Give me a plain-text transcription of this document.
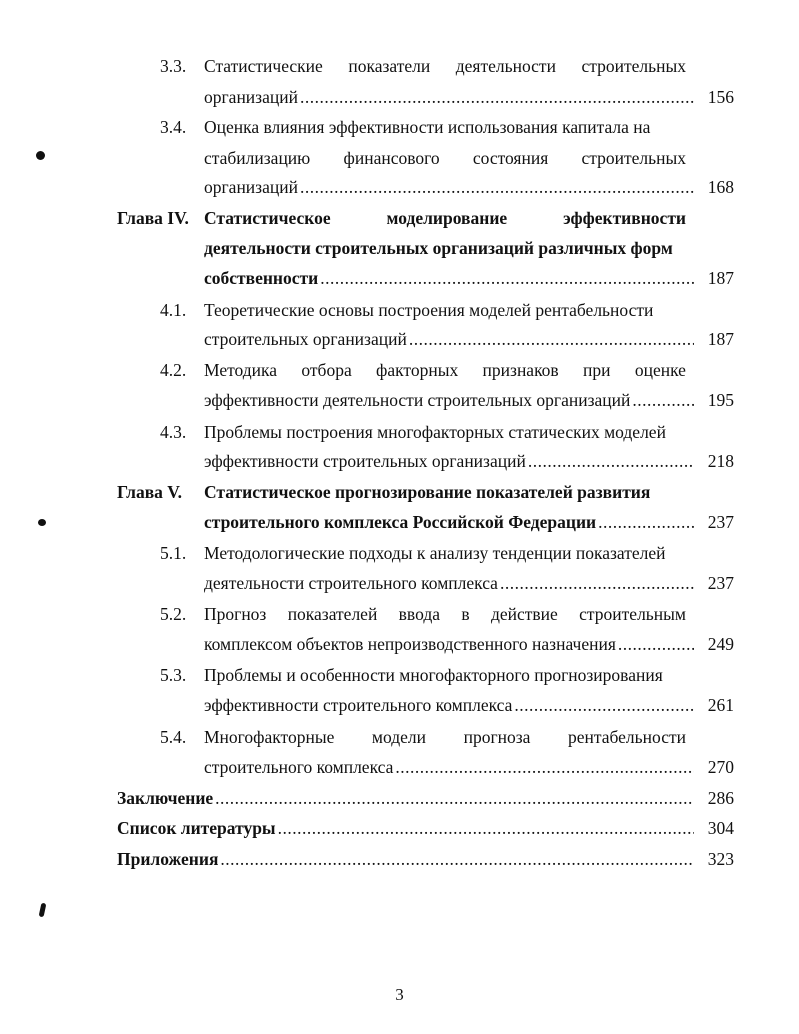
3.3. Статистические показатели деятельности строительных
организаций .....	156
3.4. Оценка влияния эффективности использования капитала на
стабилизацию финансового состояния строительных
организаций .....	168
Глава IV. Статистическое	моделирование	эффективности
деятельности строительных организаций различных форм
собственности .....	187
4.1. Теоретические основы построения моделей рентабельности
строительных организаций .....	187
4.2. Методика отбора факторных признаков при оценке
эффективности деятельности строительных организаций .....	195
4.3. Проблемы построения многофакторных статических моделей
эффективности строительных организаций .....	218
Глава V. Статистическое прогнозирование показателей развития
строительного комплекса Российской Федерации .....	237
5.1. Методологические подходы к анализу тенденции показателей
деятельности строительного комплекса .....	237
5.2. Прогноз показателей ввода в действие строительным
комплексом объектов непроизводственного назначения .....	249
5.3. Проблемы и особенности многофакторного прогнозирования
эффективности строительного комплекса .....	261
5.4. Многофакторные модели прогноза рентабельности
строительного комплекса .....	270
Заключение .....	286
Список литературы .....	304
Приложения .....	323
3
